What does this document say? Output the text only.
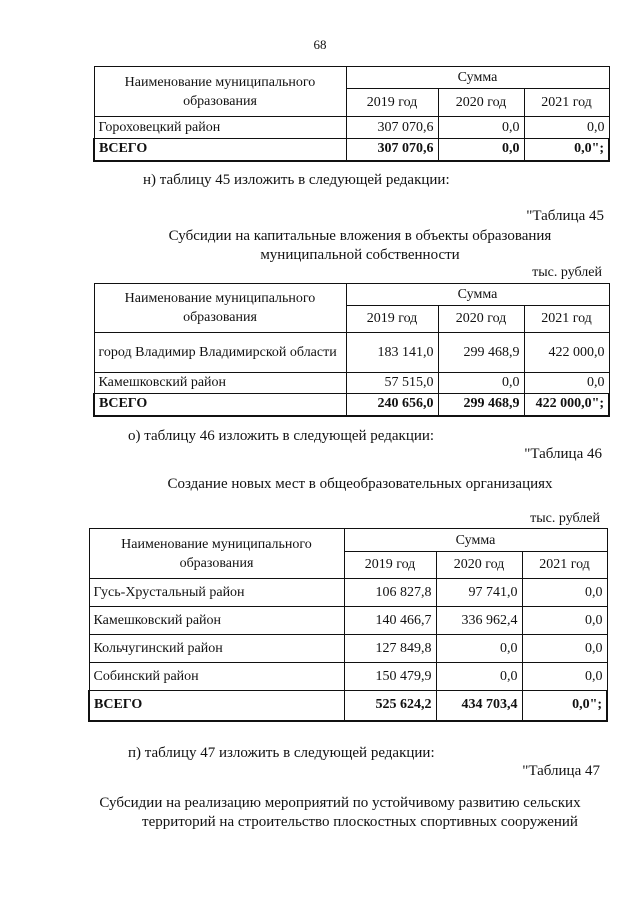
68
Наименование муниципального образования	Сумма		
	2019 год	2020 год	2021 год
Гороховецкий район	307 070,6	0,0	0,0
ВСЕГО	307 070,6	0,0	0,0";
н) таблицу 45 изложить в следующей редакции:
"Таблица 45
Субсидии на капитальные вложения в объекты образования
муниципальной собственности
тыс. рублей
Наименование муниципального образования	Сумма		
	2019 год	2020 год	2021 год
город Владимир Владимирской области	183 141,0	299 468,9	422 000,0
Камешковский район	57 515,0	0,0	0,0
ВСЕГО	240 656,0	299 468,9	422 000,0";
о) таблицу 46 изложить в следующей редакции:
"Таблица 46
Создание новых мест в общеобразовательных организациях
тыс. рублей
Наименование муниципального образования	Сумма		
	2019 год	2020 год	2021 год
Гусь-Хрустальный район	106 827,8	97 741,0	0,0
Камешковский район	140 466,7	336 962,4	0,0
Кольчугинский район	127 849,8	0,0	0,0
Собинский район	150 479,9	0,0	0,0
ВСЕГО	525 624,2	434 703,4	0,0";
п) таблицу 47 изложить в следующей редакции:
"Таблица 47
Субсидии на реализацию мероприятий по устойчивому развитию сельских
территорий на строительство плоскостных спортивных сооружений
